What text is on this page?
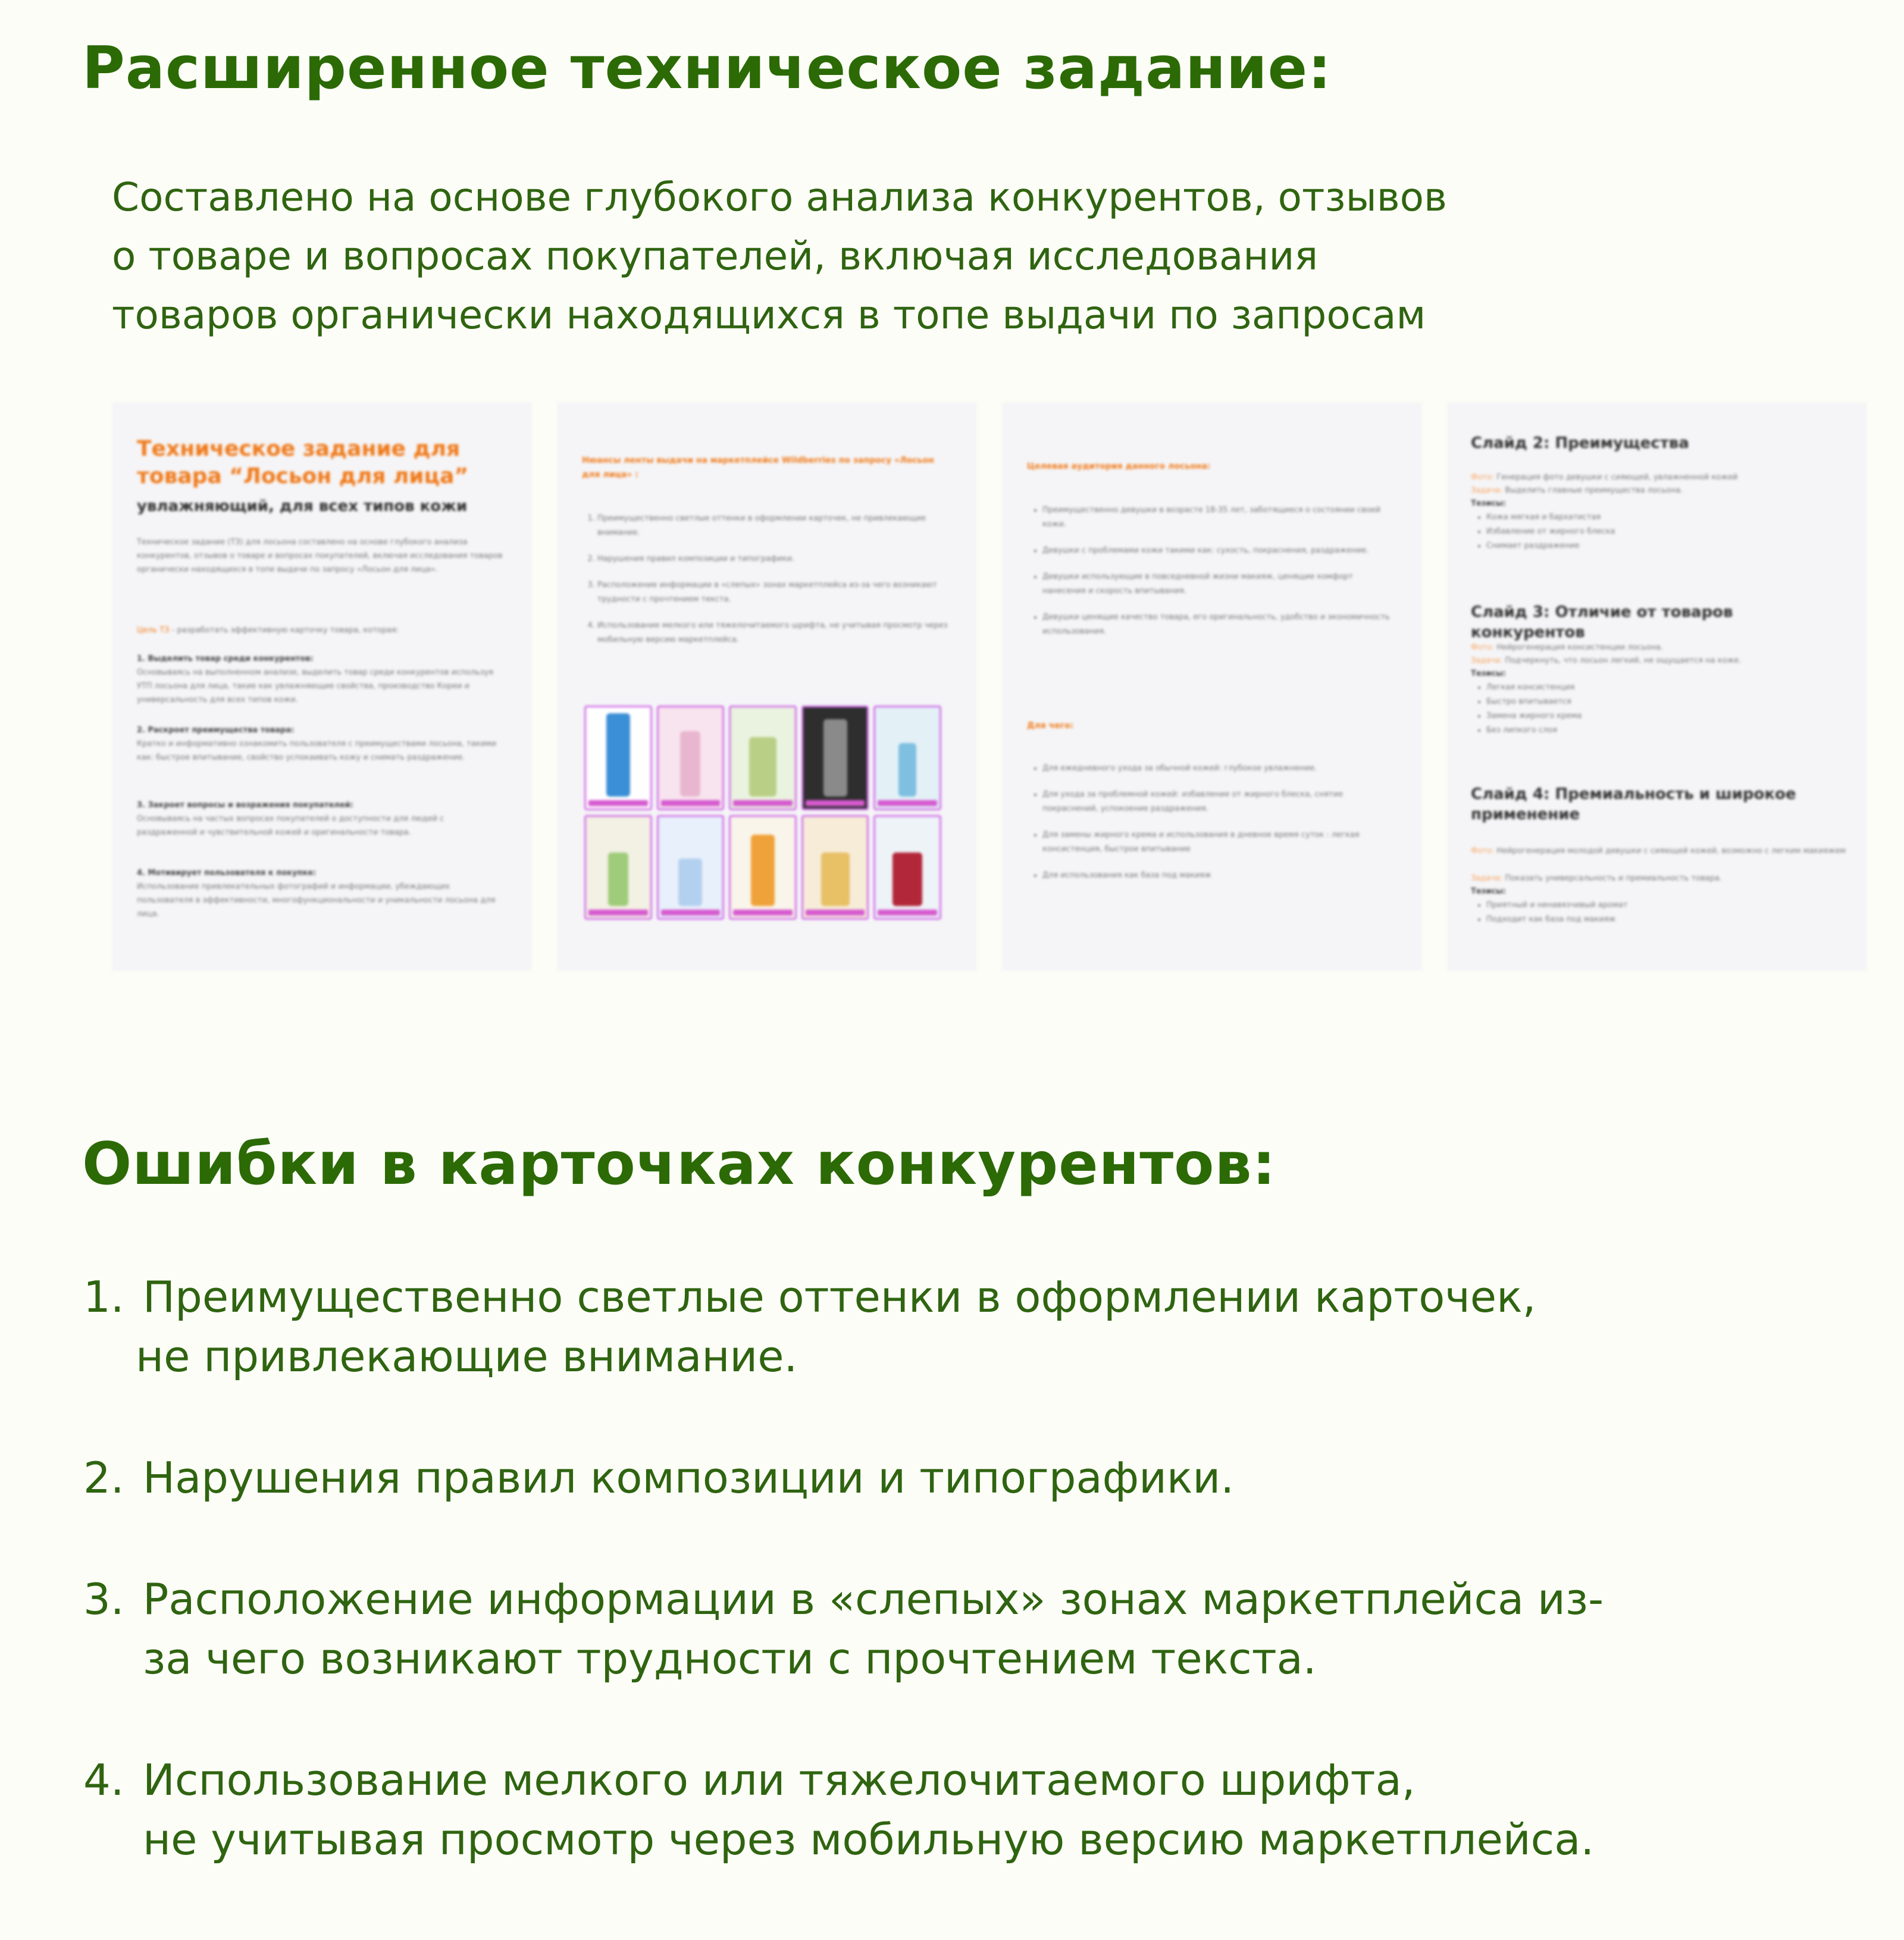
Расширенное техническое задание:
Составлено на основе глубокого анализа конкурентов, отзывов
о товаре и вопросах покупателей, включая исследования
товаров органически находящихся в топе выдачи по запросам
Техническое задание для товара “Лосьон для лица”
увлажняющий, для всех типов кожи
Техническое задание (ТЗ) для лосьона составлено на основе глубокого анализа конкурентов, отзывов о товаре и вопросах покупателей, включая исследования товаров органически находящихся в топе выдачи по запросу «Лосьон для лица».
Цель ТЗ - разработать эффективную карточку товара, которая:
1. Выделить товар среди конкурентов:
Основываясь на выполненном анализе, выделить товар среди конкурентов используя УТП лосьона для лица, такие как увлажняющие свойства, производство Кореи и универсальность для всех типов кожи.
2. Раскроет преимущества товара:
Кратко и информативно ознакомить пользователя с преимуществами лосьона, такими как: быстрое впитывание, свойство успокаивать кожу и снимать раздражение.
3. Закроет вопросы и возражения покупателей:
Основываясь на частых вопросах покупателей о доступности для людей с раздраженной и чувствительной кожей и оригинальности товара.
4. Мотивирует пользователя к покупке:
Использование привлекательных фотографий и информации, убеждающих пользователя в эффективности, многофункциональности и уникальности лосьона для лица.
Нюансы ленты выдачи на маркетплейсе Wildberries по запросу «Лосьон для лица» :
1. Преимущественно светлые оттенки в оформлении карточек, не привлекающие внимание.
2. Нарушения правил композиции и типографики.
3. Расположение информации в «слепых» зонах маркетплейса из-за чего возникают трудности с прочтением текста.
4. Использование мелкого или тяжелочитаемого шрифта, не учитывая просмотр через мобильную версию маркетплейса.
Целевая аудитория данного лосьона:
• Преимущественно девушки в возрасте 18-35 лет, заботящиеся о состоянии своей кожи.
• Девушки с проблемами кожи такими как: сухость, покраснения, раздражение.
• Девушки использующие в повседневной жизни макияж, ценящие комфорт нанесения и скорость впитывания.
• Девушки ценящие качество товара, его оригинальность, удобство и экономичность использования.
Для чего:
• Для ежедневного ухода за обычной кожей: глубокое увлажнение.
• Для ухода за проблемной кожей: избавление от жирного блеска, снятие покраснений, успокоение раздражения.
• Для замены жирного крема и использования в дневное время суток : легкая консистенция, быстрое впитывание
• Для использования как база под макияж
Слайд 2: Преимущества
Фото: Генерация фото девушки с сияющей, увлажненной кожей
Задача: Выделить главные преимущества лосьона.
Тезисы:
• Кожа мягкая и бархатистая
• Избавление от жирного блеска
• Снимает раздражение
Слайд 3: Отличие от товаров конкурентов
Фото: Нейрогенерация консистенции лосьона.
Задача: Подчеркнуть, что лосьон легкий, не ощущается на коже.
Тезисы:
• Легкая консистенция
• Быстро впитывается
• Замена жирного крема
• Без липкого слоя
Слайд 4: Премиальность и широкое применение
Фото: Нейрогенерация молодой девушки с сияющей кожей, возможно с легким макияжем
Задача: Показать универсальность и премиальность товара.
Тезисы:
• Приятный и ненавязчивый аромат
• Подходит как база под макияж
Ошибки в карточках конкурентов:
1. Преимущественно светлые оттенки в оформлении карточек,
не привлекающие внимание.
2. Нарушения правил композиции и типографики.
3. Расположение информации в «слепых» зонах маркетплейса из-
за чего возникают трудности с прочтением текста.
4. Использование мелкого или тяжелочитаемого шрифта,
не учитывая просмотр через мобильную версию маркетплейса.
